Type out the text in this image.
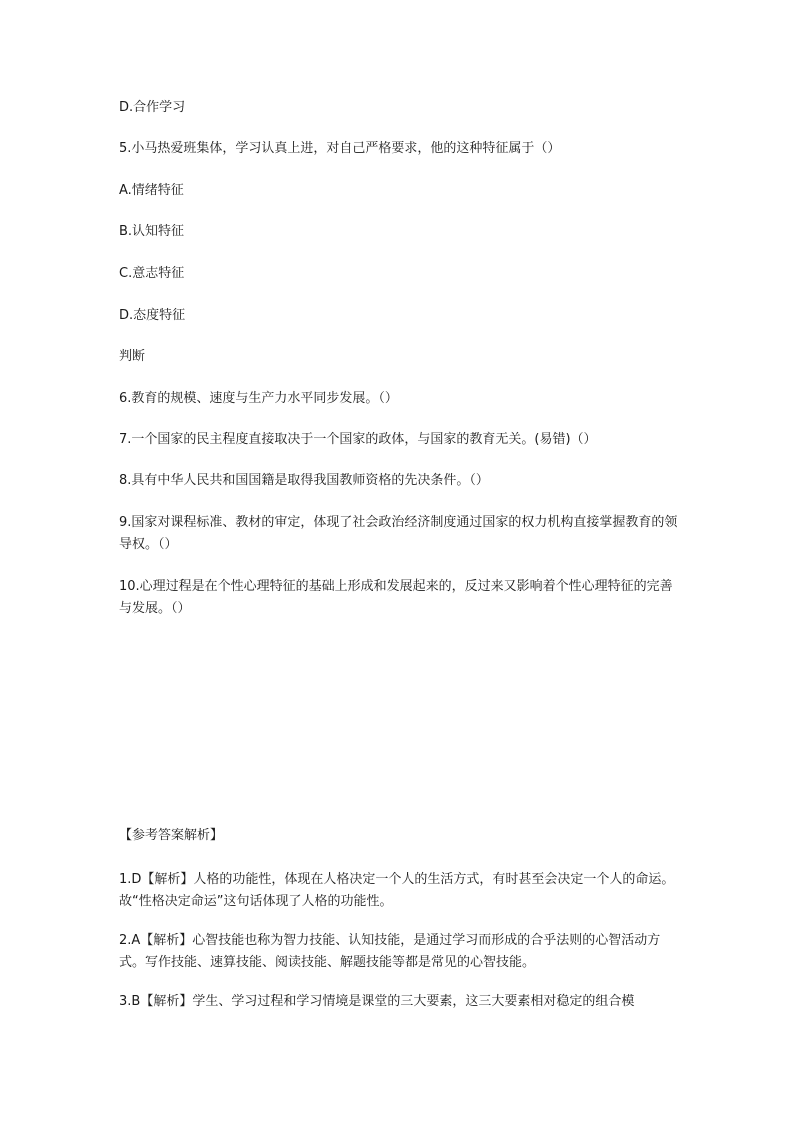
D.合作学习
5.小马热爱班集体，学习认真上进，对自己严格要求，他的这种特征属于（）
A.情绪特征
B.认知特征
C.意志特征
D.态度特征
判断
6.教育的规模、速度与生产力水平同步发展。（）
7.一个国家的民主程度直接取决于一个国家的政体，与国家的教育无关。(易错)（）
8.具有中华人民共和国国籍是取得我国教师资格的先决条件。（）
9.国家对课程标准、教材的审定，体现了社会政治经济制度通过国家的权力机构直接掌握教育的领导权。（）
10.心理过程是在个性心理特征的基础上形成和发展起来的，反过来又影响着个性心理特征的完善与发展。（）
【参考答案解析】
1.D【解析】人格的功能性，体现在人格决定一个人的生活方式，有时甚至会决定一个人的命运。故“性格决定命运”这句话体现了人格的功能性。
2.A【解析】心智技能也称为智力技能、认知技能，是通过学习而形成的合乎法则的心智活动方式。写作技能、速算技能、阅读技能、解题技能等都是常见的心智技能。
3.B【解析】学生、学习过程和学习情境是课堂的三大要素，这三大要素相对稳定的组合模
